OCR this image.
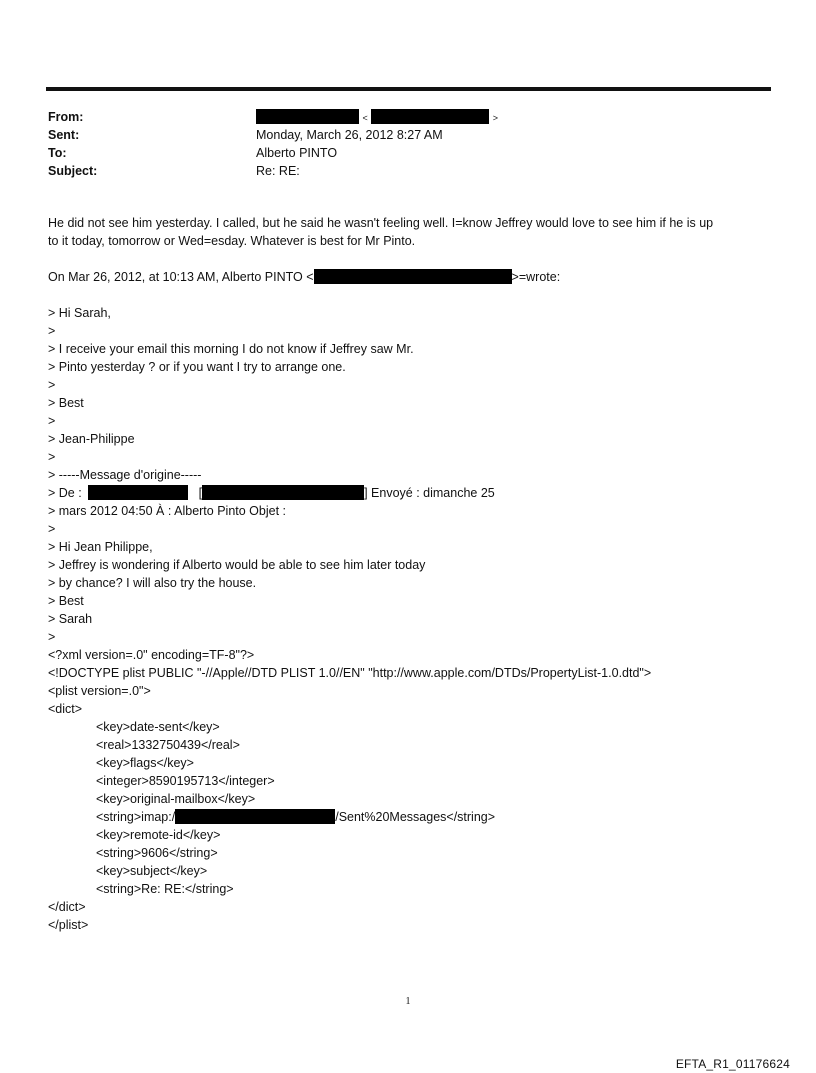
From:	<	>
Sent:	Monday, March 26, 2012 8:27 AM
To:	Alberto PINTO
Subject:	Re: RE:
He did not see him yesterday. I called, but he said he wasn't feeling well. I=know Jeffrey would love to see him if he is up
to it today, tomorrow or Wed=esday. Whatever is best for Mr Pinto.
On Mar 26, 2012, at 10:13 AM, Alberto PINTO <	>=wrote:
> Hi Sarah,
>
> I receive your email this morning I do not know if Jeffrey saw Mr.
> Pinto yesterday ? or if you want I try to arrange one.
>
> Best
>
> Jean-Philippe
>
> -----Message d'origine-----
> De :	[	] Envoyé : dimanche 25
> mars 2012 04:50 À : Alberto Pinto Objet :
>
> Hi Jean Philippe,
> Jeffrey is wondering if Alberto would be able to see him later today
> by chance? I will also try the house.
> Best
> Sarah
>
<?xml version=.0" encoding=TF-8"?>
<!DOCTYPE plist PUBLIC "-//Apple//DTD PLIST 1.0//EN" "http://www.apple.com/DTDs/PropertyList-1.0.dtd">
<plist version=.0">
<dict>
<key>date-sent</key>
<real>1332750439</real>
<key>flags</key>
<integer>8590195713</integer>
<key>original-mailbox</key>
<string>imap:/	/Sent%20Messages</string>
<key>remote-id</key>
<string>9606</string>
<key>subject</key>
<string>Re: RE:</string>
</dict>
</plist>
1
EFTA_R1_01176624
